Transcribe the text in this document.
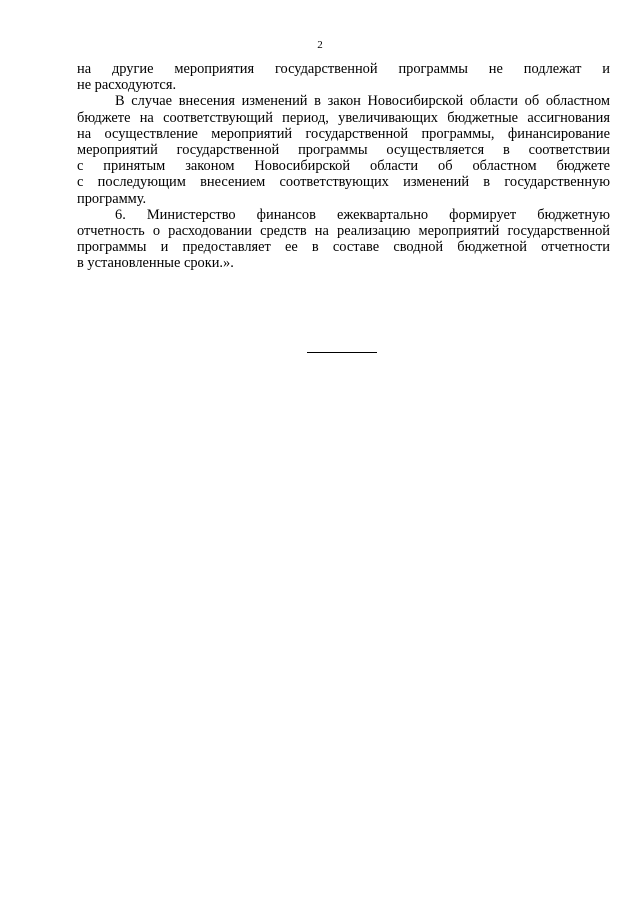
2

на другие мероприятия государственной программы не подлежат и
не расходуются.

В случае внесения изменений в закон Новосибирской области об областном
бюджете на соответствующий период, увеличивающих бюджетные ассигнования
на осуществление мероприятий государственной программы, финансирование
мероприятий государственной программы осуществляется в соответствии
с принятым законом Новосибирской области об областном бюджете
с последующим внесением соответствующих изменений в государственную
программу.

6. Министерство финансов ежеквартально формирует бюджетную
отчетность о расходовании средств на реализацию мероприятий государственной
программы и предоставляет ее в составе сводной бюджетной отчетности
в установленные сроки.».
